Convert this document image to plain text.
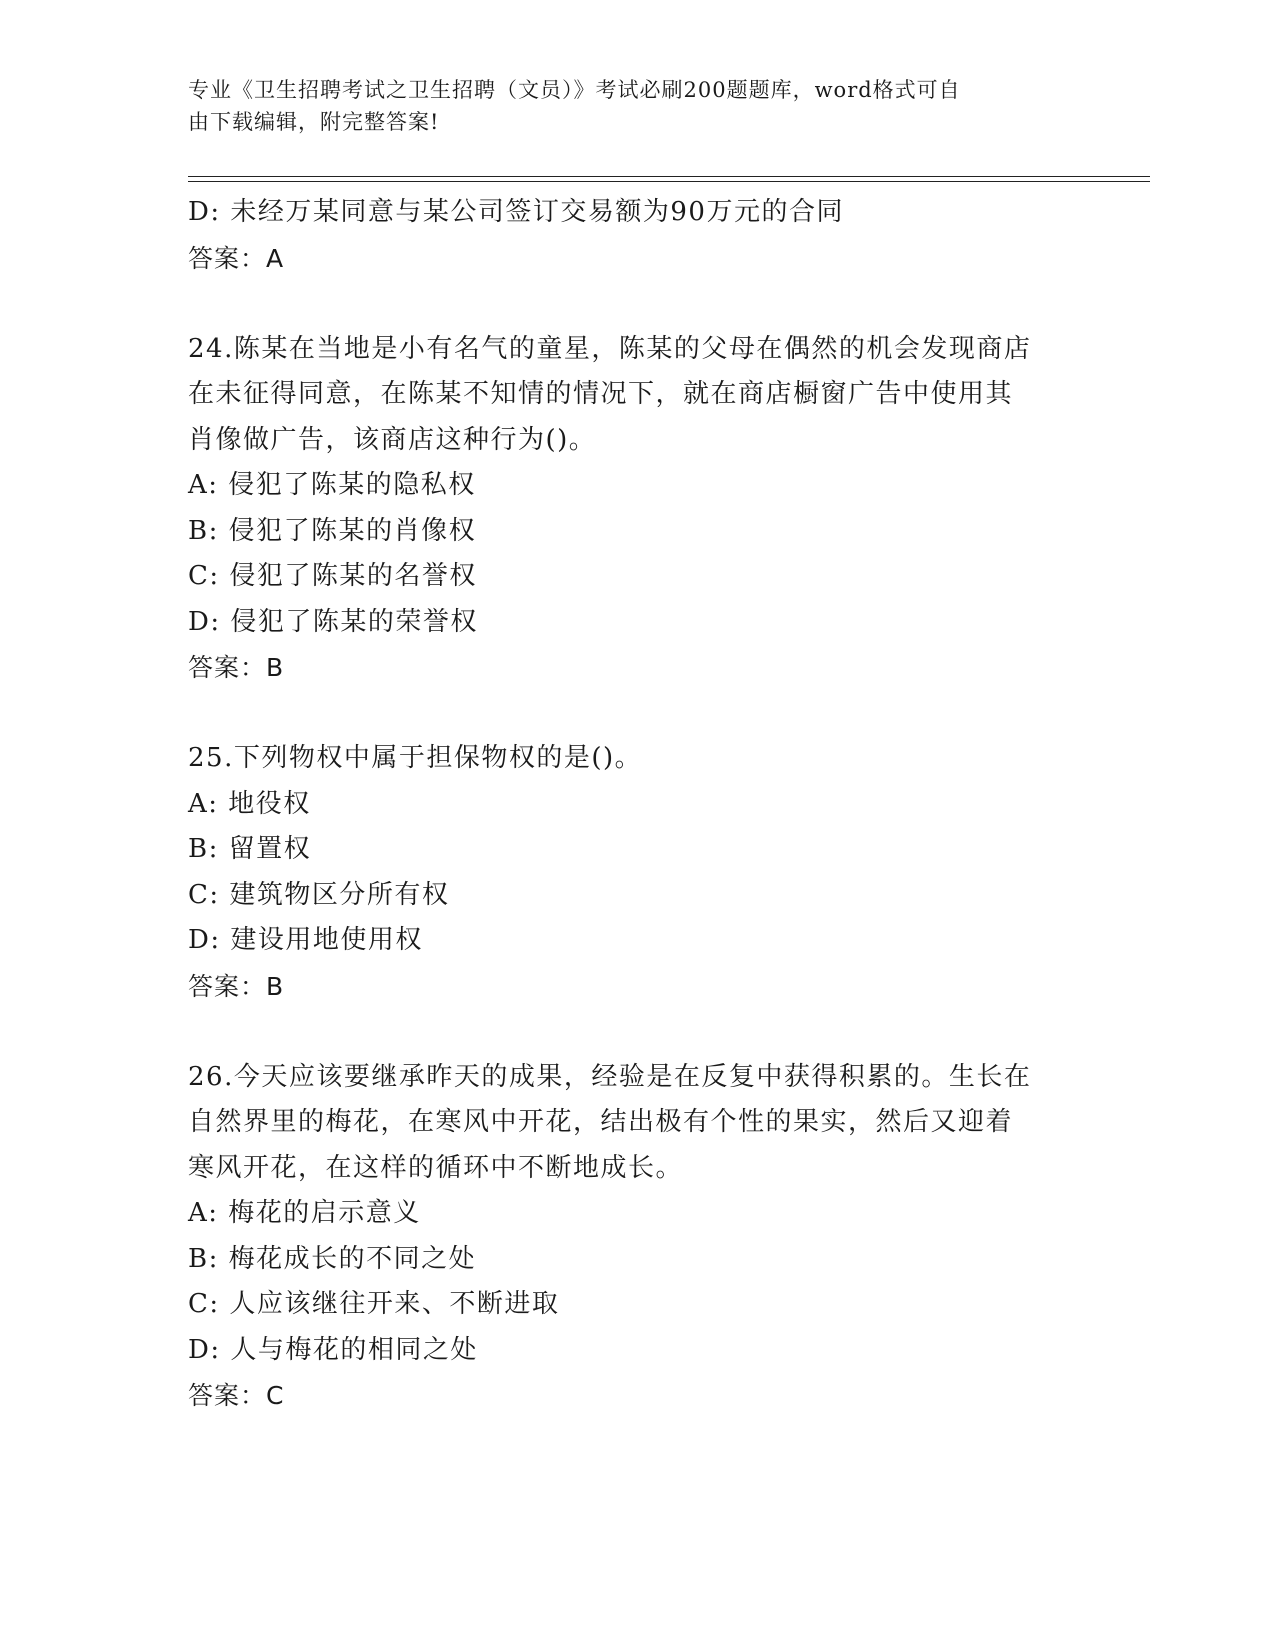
专业《卫生招聘考试之卫生招聘（文员）》考试必刷200题题库，word格式可自
由下载编辑，附完整答案!
D: 未经万某同意与某公司签订交易额为90万元的合同
答案：A
24.陈某在当地是小有名气的童星，陈某的父母在偶然的机会发现商店
在未征得同意，在陈某不知情的情况下，就在商店橱窗广告中使用其
肖像做广告，该商店这种行为()。
A: 侵犯了陈某的隐私权
B: 侵犯了陈某的肖像权
C: 侵犯了陈某的名誉权
D: 侵犯了陈某的荣誉权
答案：B
25.下列物权中属于担保物权的是()。
A: 地役权
B: 留置权
C: 建筑物区分所有权
D: 建设用地使用权
答案：B
26.今天应该要继承昨天的成果，经验是在反复中获得积累的。生长在
自然界里的梅花，在寒风中开花，结出极有个性的果实，然后又迎着
寒风开花，在这样的循环中不断地成长。
A: 梅花的启示意义
B: 梅花成长的不同之处
C: 人应该继往开来、不断进取
D: 人与梅花的相同之处
答案：C
